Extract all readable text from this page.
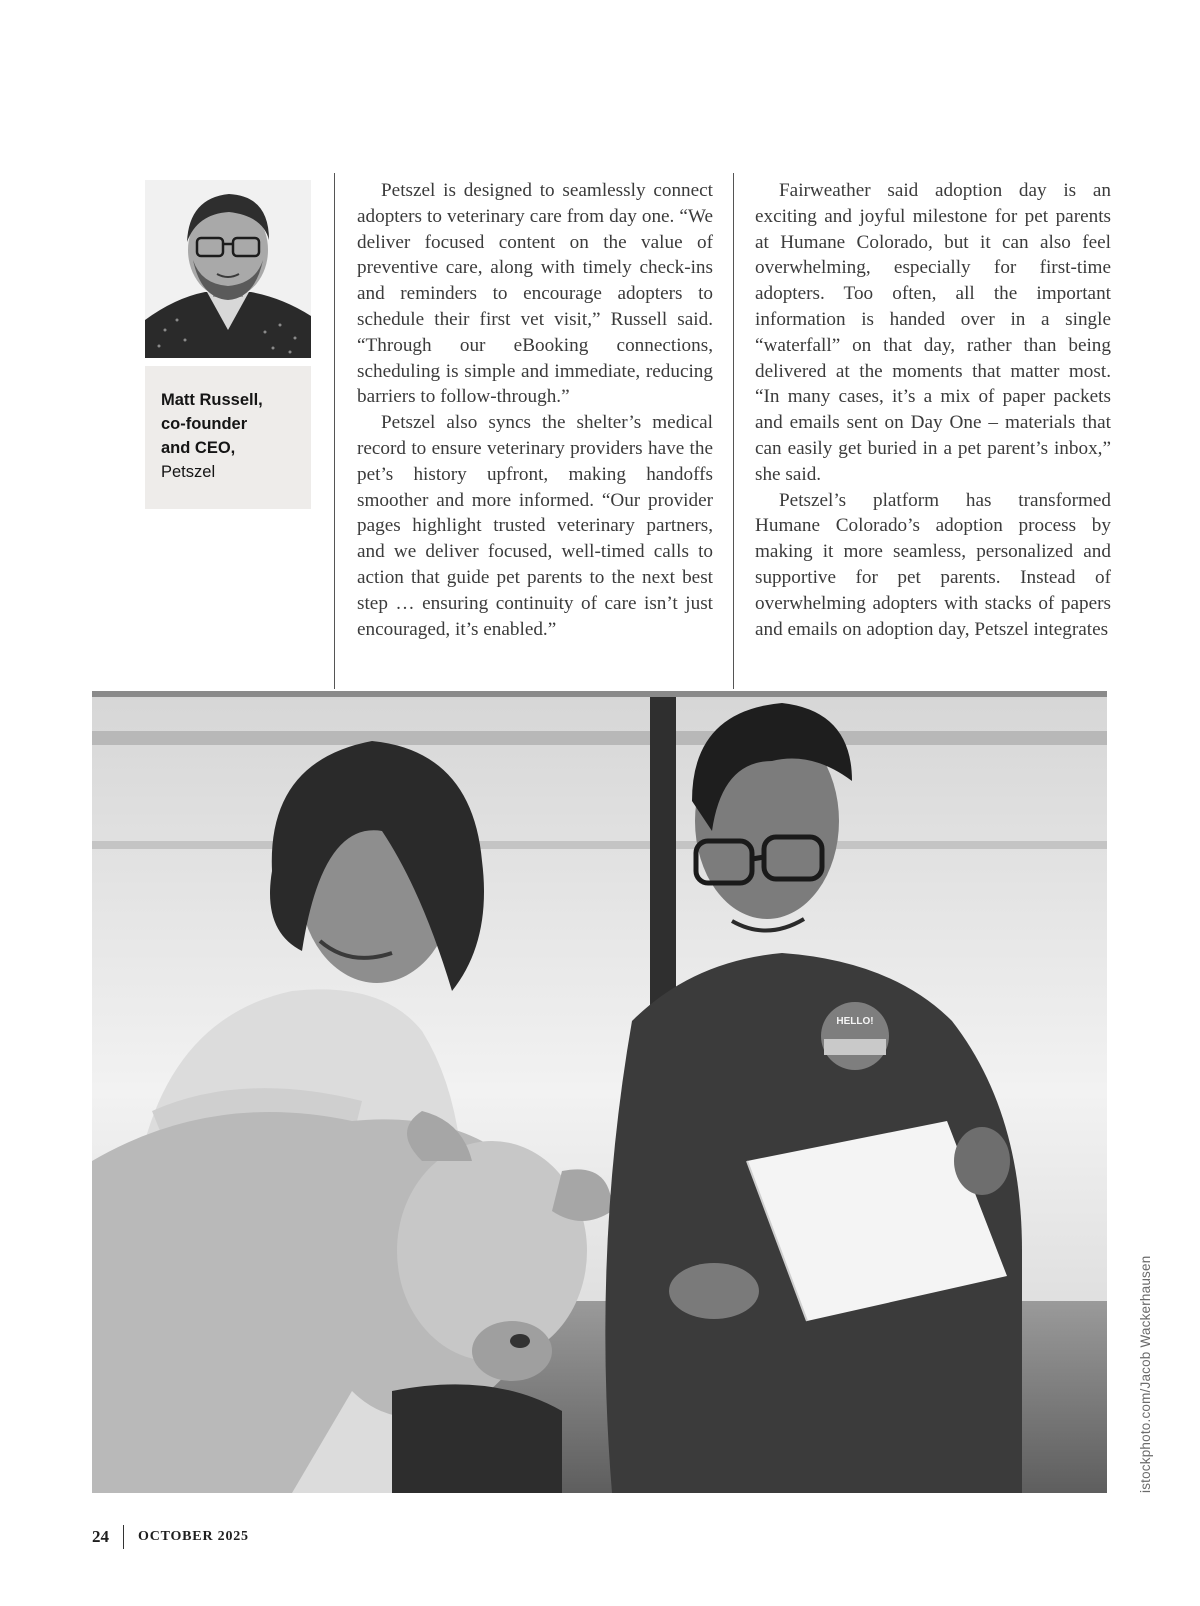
Matt Russell,
co-founder
and CEO,
Petszel

Petszel is designed to seamlessly connect adopters to veterinary care from day one. “We deliver focused content on the value of preventive care, along with timely check-ins and reminders to encourage adopters to schedule their first vet visit,” Russell said. “Through our eBooking connections, scheduling is simple and immediate, reducing barriers to follow-through.”

Petszel also syncs the shelter’s medical record to ensure veterinary providers have the pet’s history upfront, making handoffs smoother and more informed. “Our provider pages highlight trusted veterinary partners, and we deliver focused, well-timed calls to action that guide pet parents to the next best step … ensuring continuity of care isn’t just encouraged, it’s enabled.”

Fairweather said adoption day is an exciting and joyful milestone for pet parents at Humane Colorado, but it can also feel overwhelming, especially for first-time adopters. Too often, all the important information is handed over in a single “waterfall” on that day, rather than being delivered at the moments that matter most. “In many cases, it’s a mix of paper packets and emails sent on Day One – materials that can easily get buried in a pet parent’s inbox,” she said.

Petszel’s platform has transformed Humane Colorado’s adoption process by making it more seamless, personalized and supportive for pet parents. Instead of overwhelming adopters with stacks of papers and emails on adoption day, Petszel integrates

HELLO!
istockphoto.com/Jacob Wackerhausen
24 OCTOBER 2025
